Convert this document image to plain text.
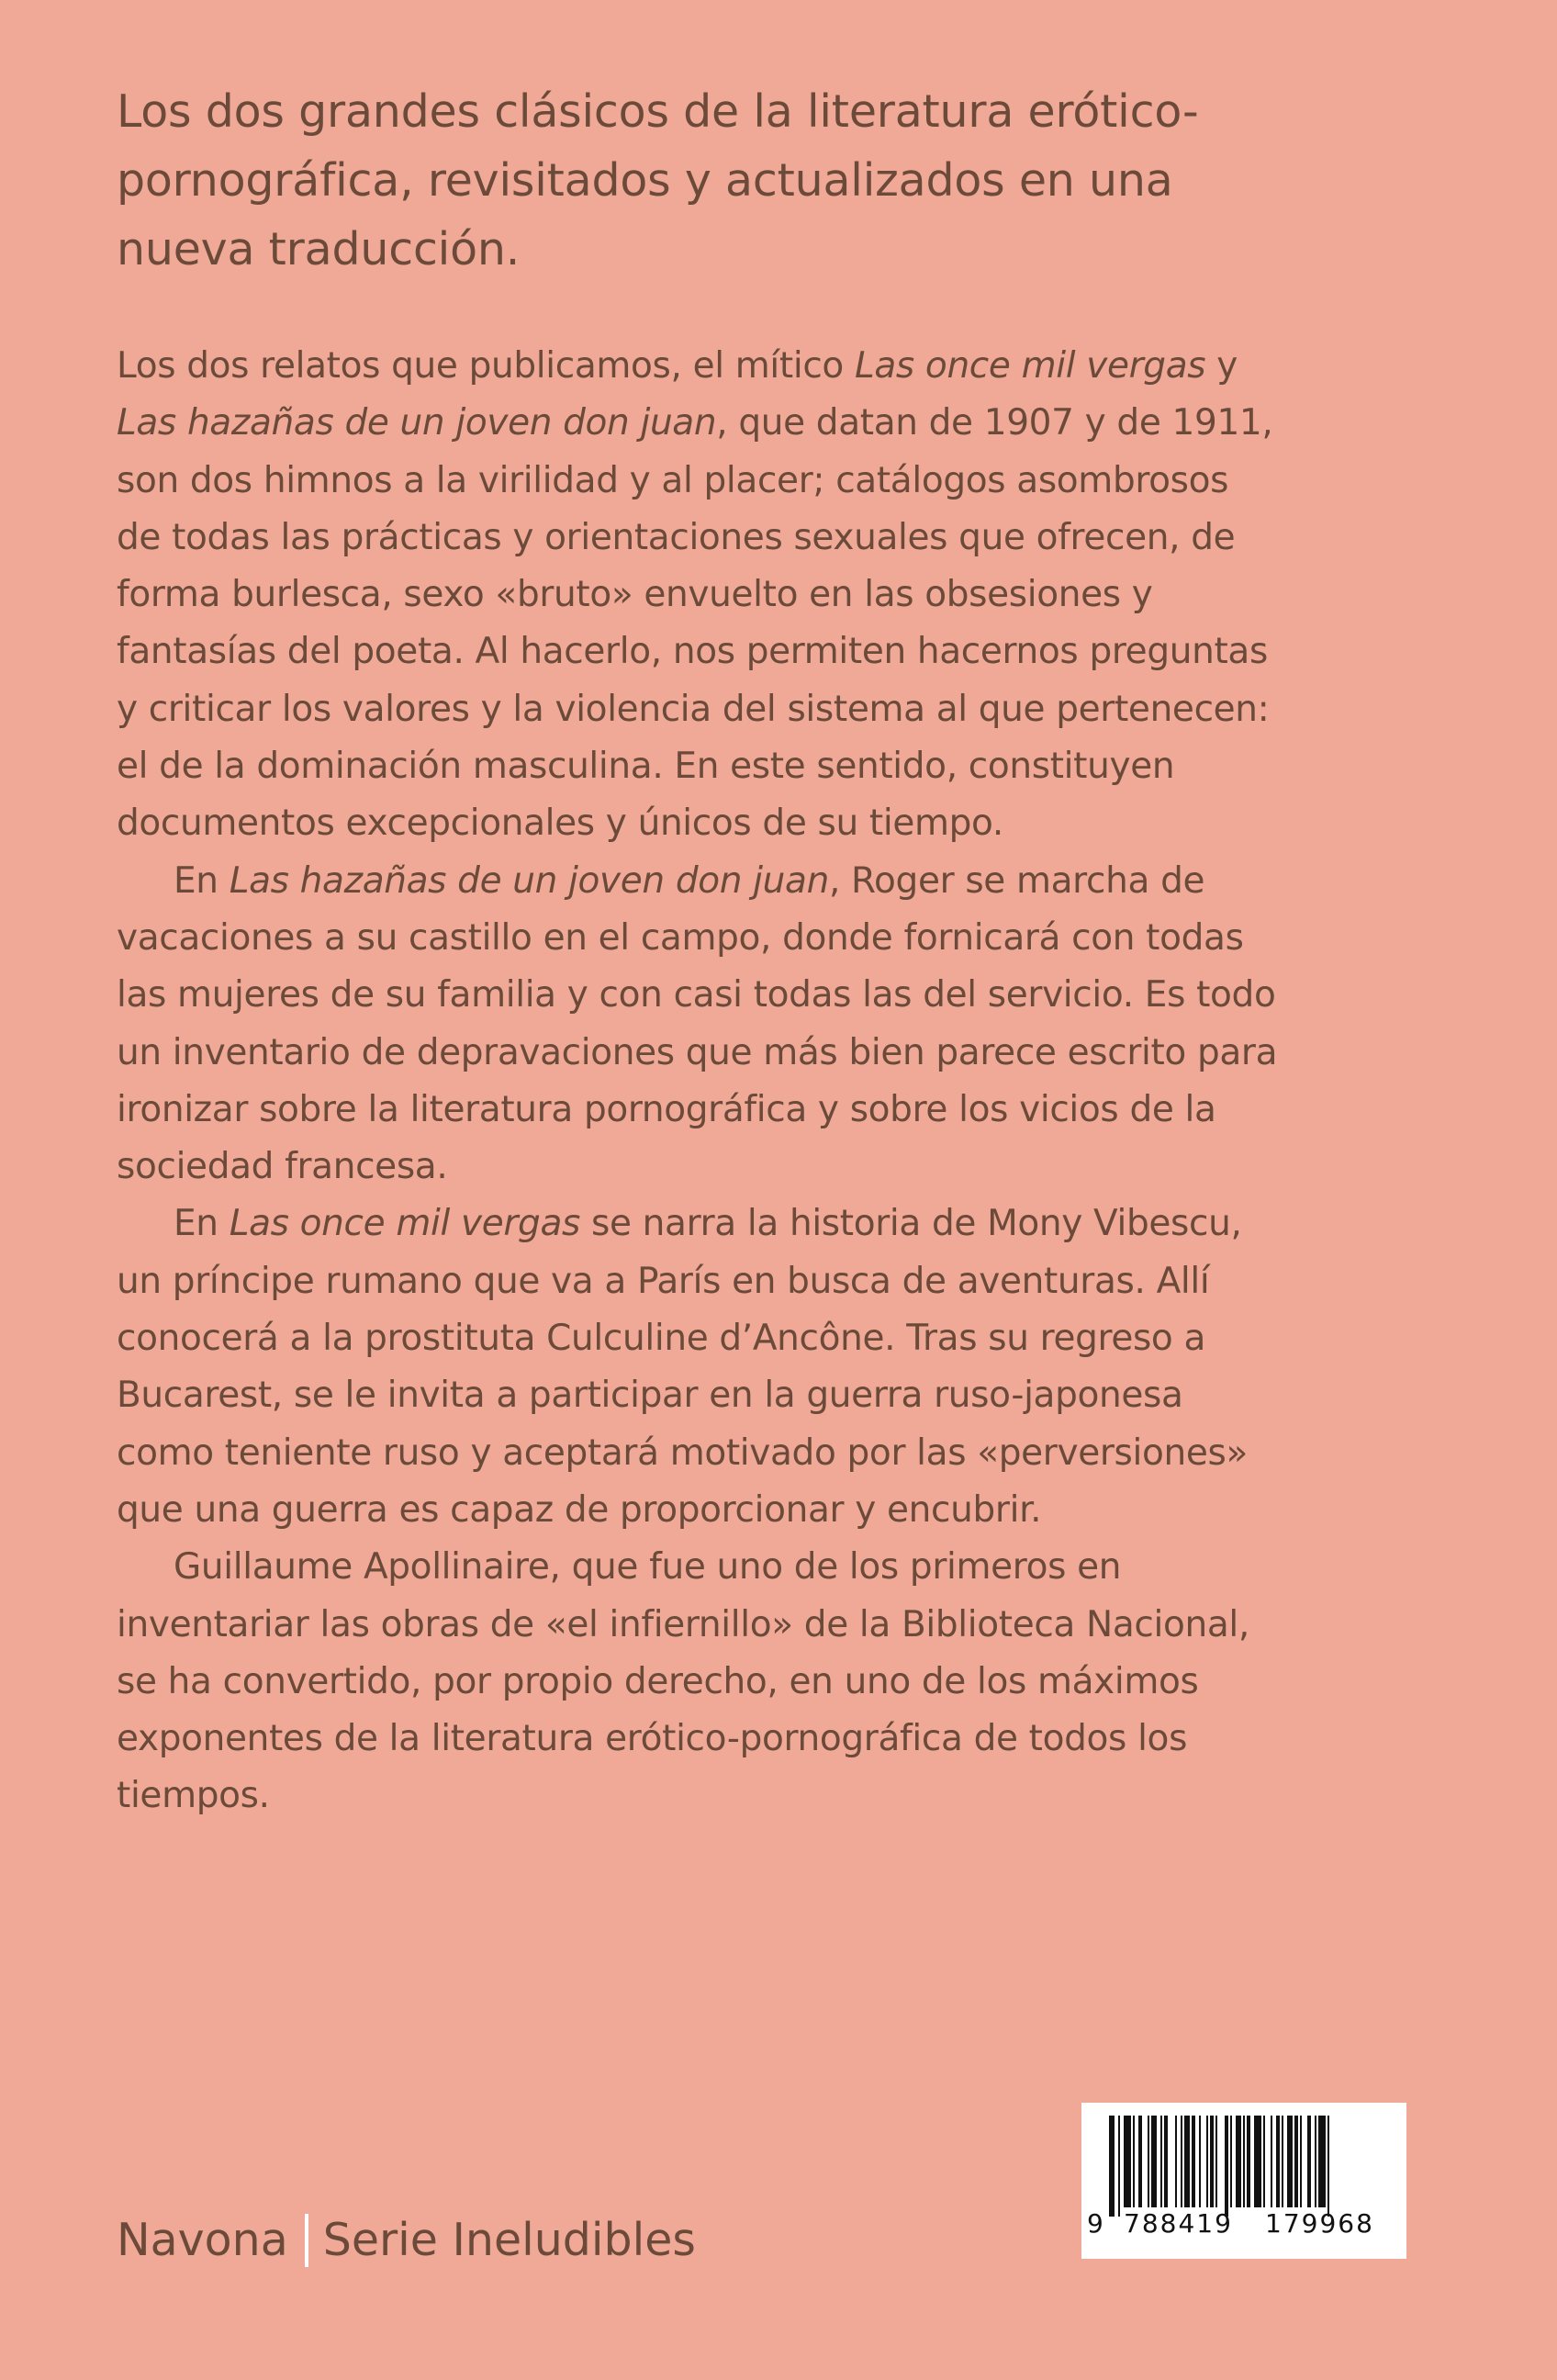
Los dos grandes clásicos de la literatura erótico-pornográfica, revisitados y actualizados en una nueva traducción.

Los dos relatos que publicamos, el mítico Las once mil vergas y Las hazañas de un joven don juan, que datan de 1907 y de 1911, son dos himnos a la virilidad y al placer; catálogos asombrosos de todas las prácticas y orientaciones sexuales que ofrecen, de forma burlesca, sexo «bruto» envuelto en las obsesiones y fantasías del poeta. Al hacerlo, nos permiten hacernos preguntas y criticar los valores y la violencia del sistema al que pertenecen: el de la dominación masculina. En este sentido, constituyen documentos excepcionales y únicos de su tiempo.

En Las hazañas de un joven don juan, Roger se marcha de vacaciones a su castillo en el campo, donde fornicará con todas las mujeres de su familia y con casi todas las del servicio. Es todo un inventario de depravaciones que más bien parece escrito para ironizar sobre la literatura pornográfica y sobre los vicios de la sociedad francesa.

En Las once mil vergas se narra la historia de Mony Vibescu, un príncipe rumano que va a París en busca de aventuras. Allí conocerá a la prostituta Culculine d’Ancône. Tras su regreso a Bucarest, se le invita a participar en la guerra ruso-japonesa como teniente ruso y aceptará motivado por las «perversiones» que una guerra es capaz de proporcionar y encubrir.

Guillaume Apollinaire, que fue uno de los primeros en inventariar las obras de «el infiernillo» de la Biblioteca Nacional, se ha convertido, por propio derecho, en uno de los máximos exponentes de la literatura erótico-pornográfica de todos los tiempos.

Navona Serie Ineludibles	9 788419 179968
